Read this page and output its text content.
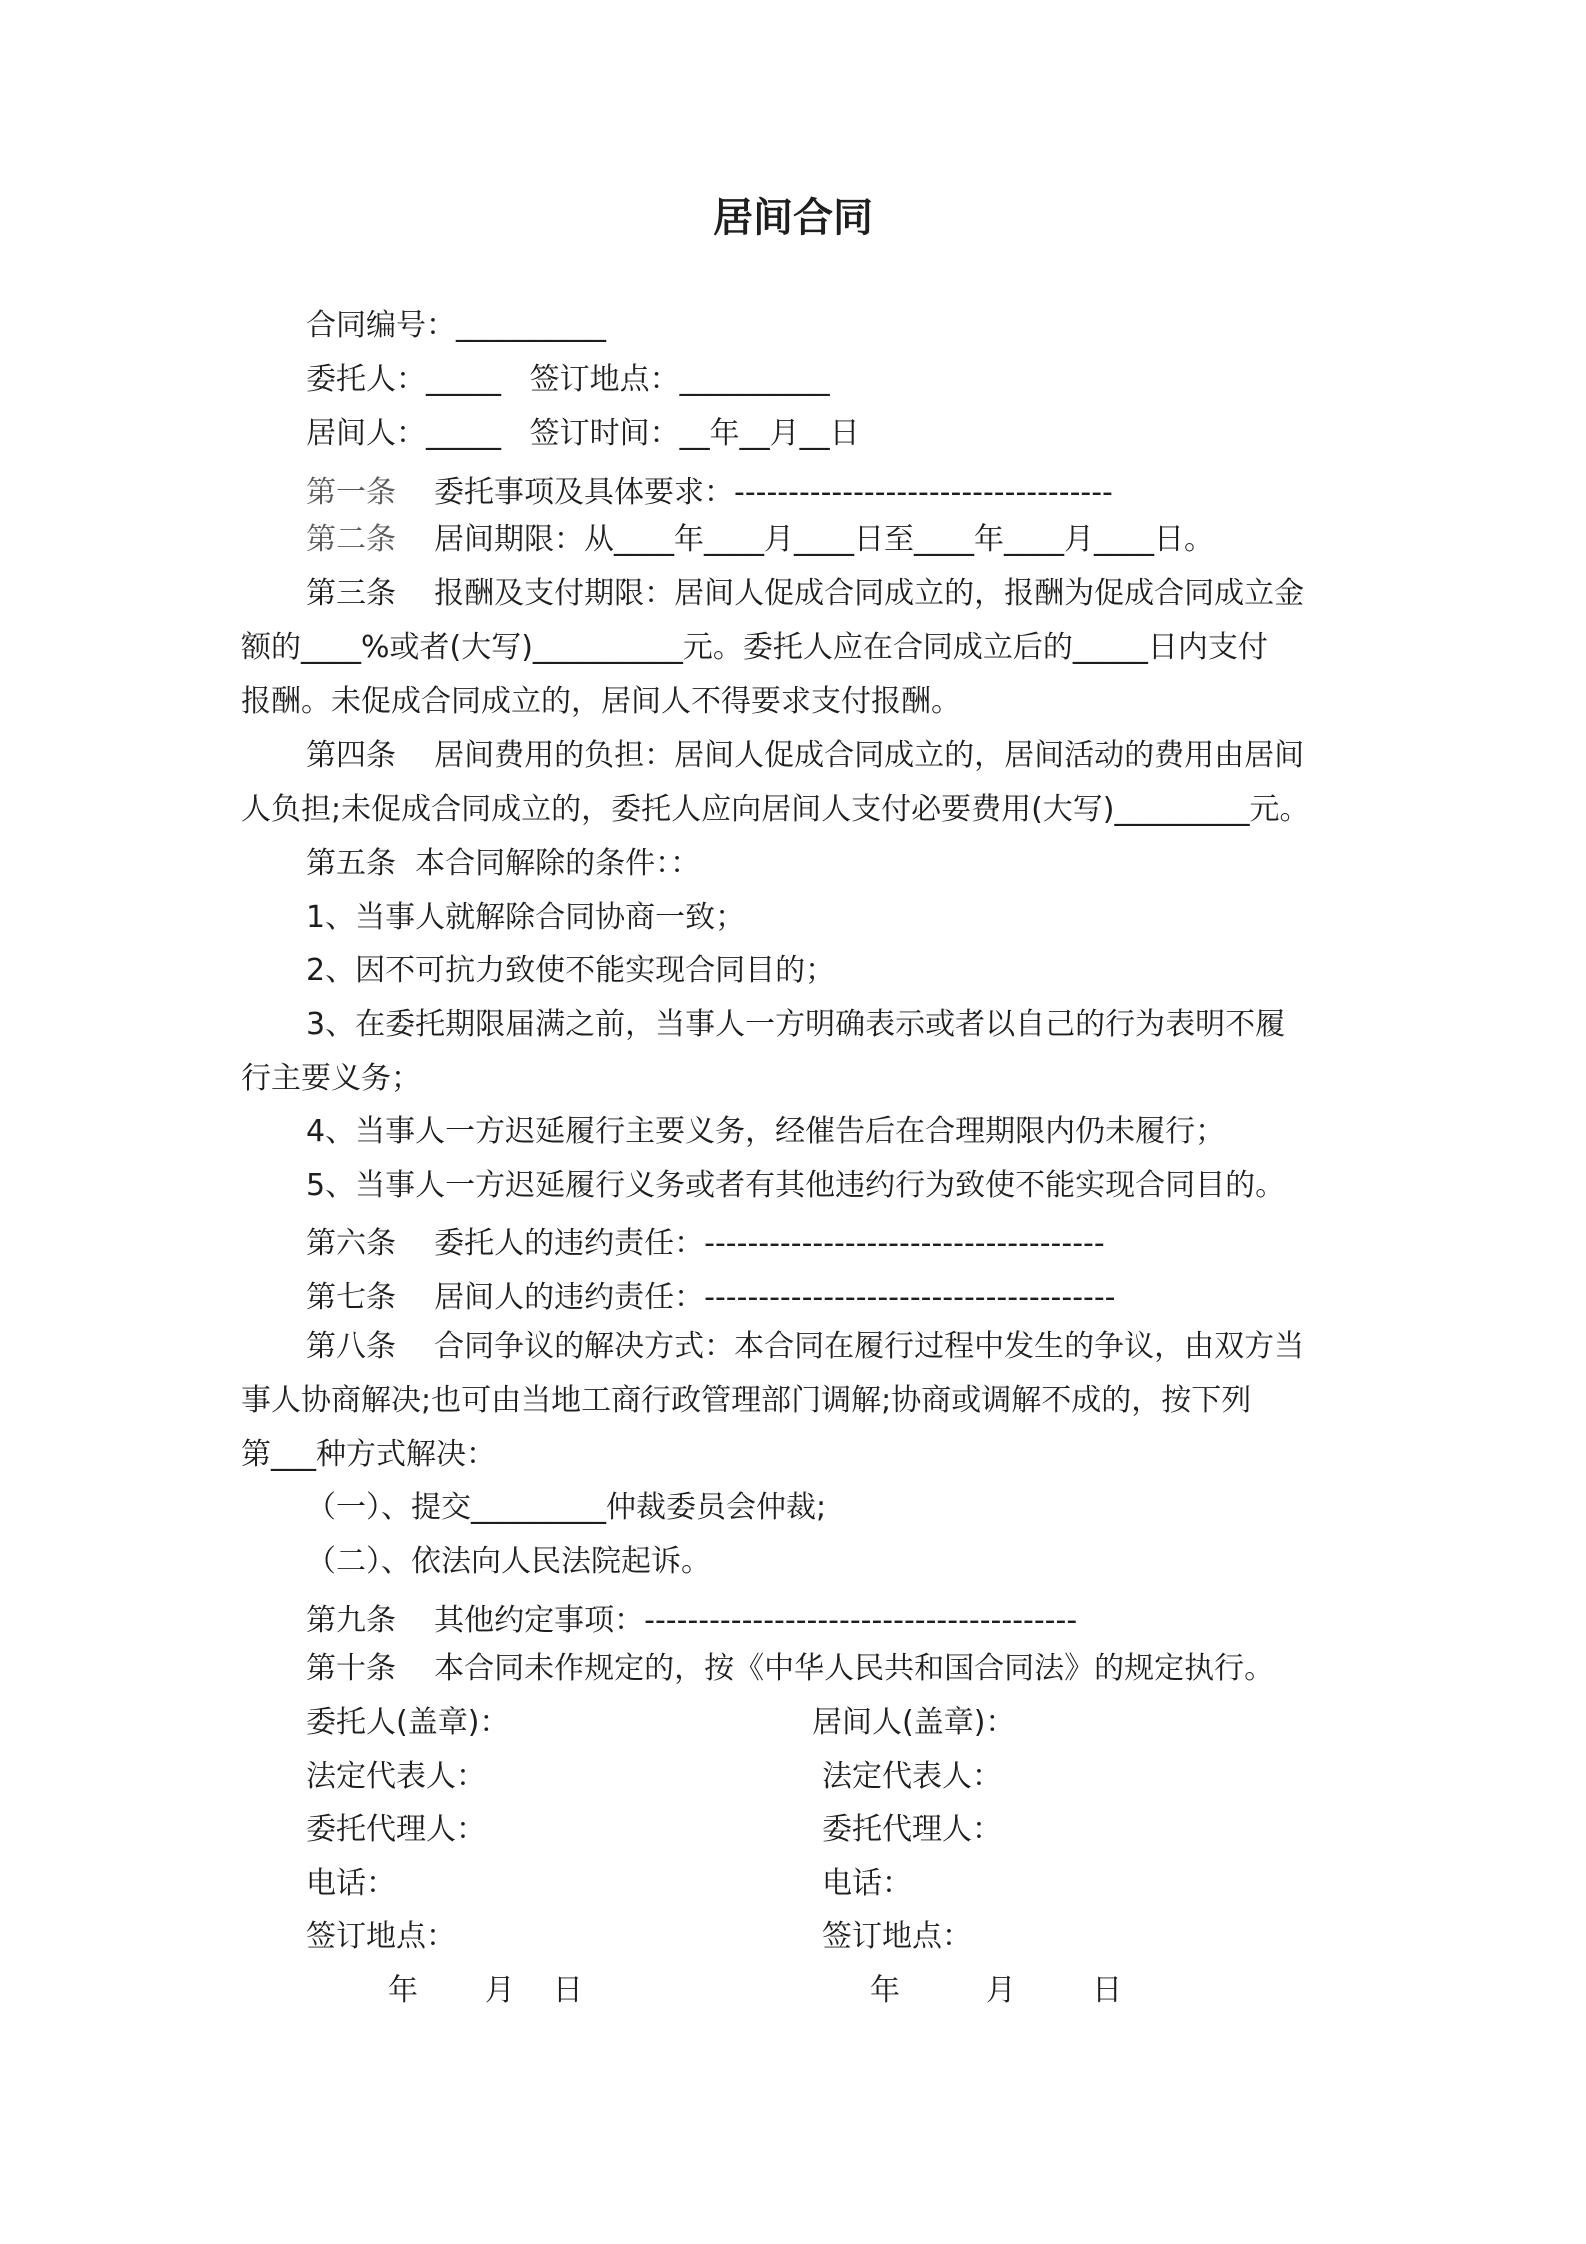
居间合同

合同编号：__________

委托人：_____   签订地点：__________

居间人：_____   签订时间：__年__月__日

第一条 委托事项及具体要求：-----------------------------------

第二条 居间期限：从____年____月____日至____年____月____日。

第三条    报酬及支付期限：居间人促成合同成立的，报酬为促成合同成立金

额的____%或者(大写)__________元。委托人应在合同成立后的_____日内支付

报酬。未促成合同成立的，居间人不得要求支付报酬。

第四条    居间费用的负担：居间人促成合同成立的，居间活动的费用由居间

人负担;未促成合同成立的，委托人应向居间人支付必要费用(大写)_________元。

第五条  本合同解除的条件：：

1、当事人就解除合同协商一致；

2、因不可抗力致使不能实现合同目的；

3、在委托期限届满之前，当事人一方明确表示或者以自己的行为表明不履

行主要义务；

4、当事人一方迟延履行主要义务，经催告后在合理期限内仍未履行；

5、当事人一方迟延履行义务或者有其他违约行为致使不能实现合同目的。

第六条    委托人的违约责任：-------------------------------------

第七条    居间人的违约责任：--------------------------------------

第八条    合同争议的解决方式：本合同在履行过程中发生的争议，由双方当

事人协商解决;也可由当地工商行政管理部门调解;协商或调解不成的，按下列

第___种方式解决：

（一）、提交_________仲裁委员会仲裁;

（二）、依法向人民法院起诉。

第九条    其他约定事项：----------------------------------------

第十条    本合同未作规定的，按《中华人民共和国合同法》的规定执行。

委托人(盖章)：

法定代表人：

委托代理人：

电话：

签订地点：

年       月    日

居间人(盖章)：

法定代表人：

委托代理人：

电话：

签订地点：

年         月        日
